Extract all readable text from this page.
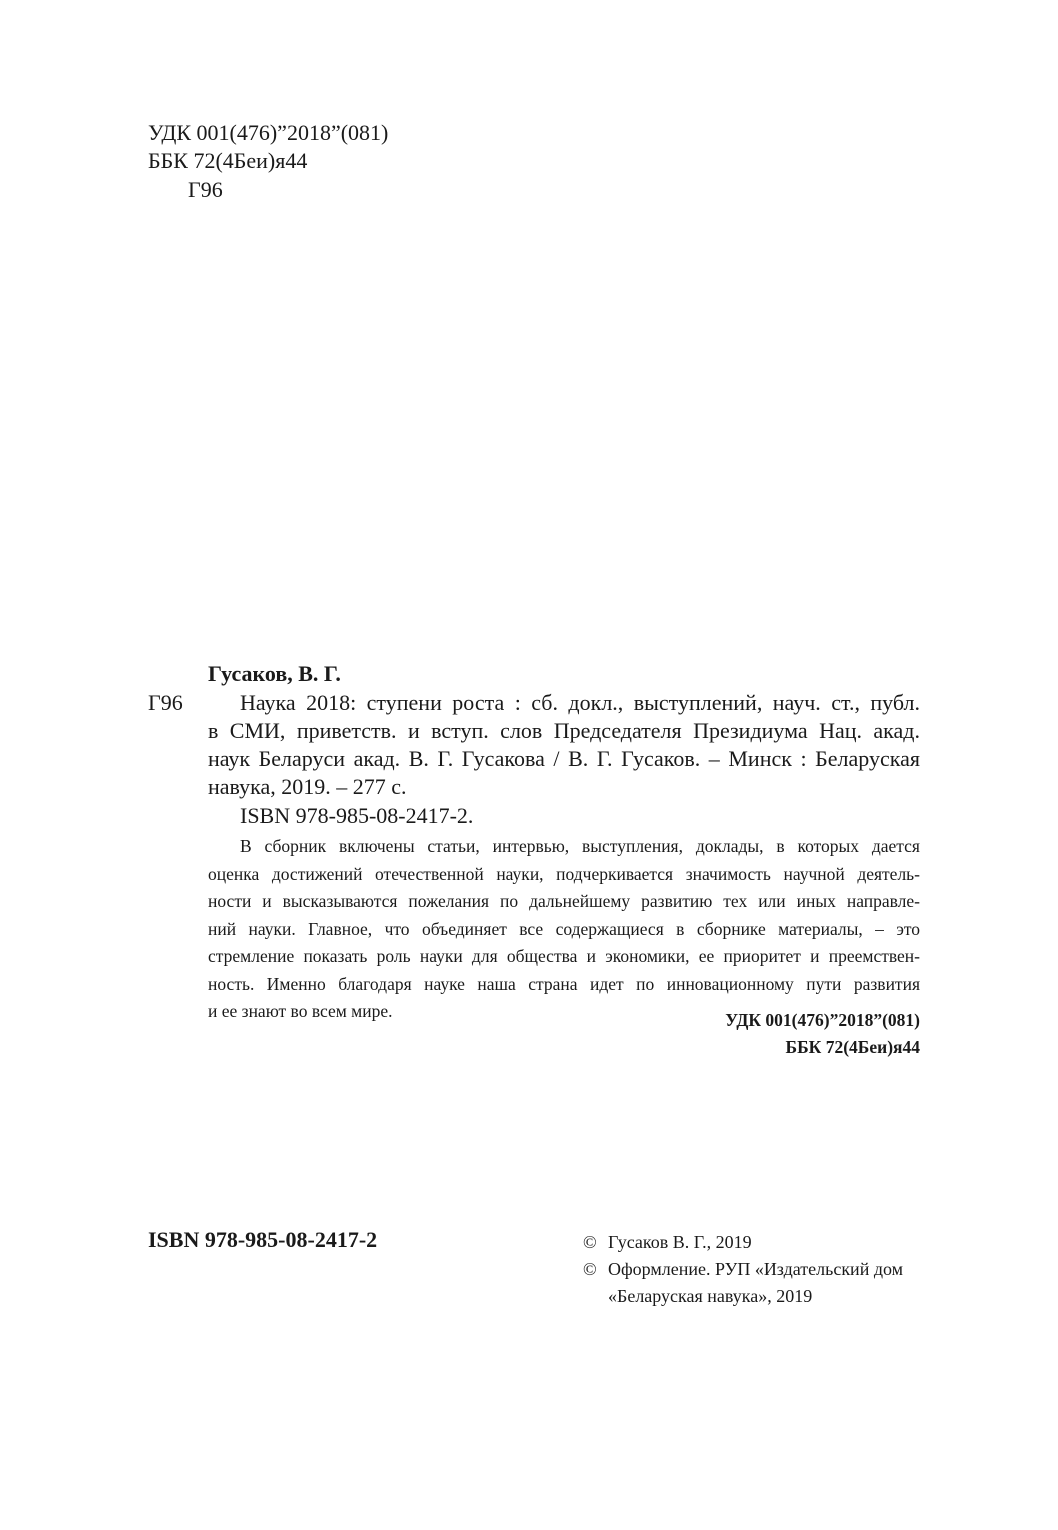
УДК 001(476)”2018”(081)
ББК 72(4Беи)я44
Г96
Гусаков, В. Г.
Г96	Наука 2018: ступени роста : сб. докл., выступлений, науч. ст., публ.
в СМИ, приветств. и вступ. слов Председателя Президиума Нац. акад.
наук Беларуси акад. В. Г. Гусакова / В. Г. Гусаков. – Минск : Беларуская
навука, 2019. – 277 с.
ISBN 978-985-08-2417-2.
В сборник включены статьи, интервью, выступления, доклады, в которых дается
оценка достижений отечественной науки, подчеркивается значимость научной деятель-
ности и высказываются пожелания по дальнейшему развитию тех или иных направле-
ний науки. Главное, что объединяет все содержащиеся в сборнике материалы, – это
стремление показать роль науки для общества и экономики, ее приоритет и преемствен-
ность. Именно благодаря науке наша страна идет по инновационному пути развития
и ее знают во всем мире.	УДК 001(476)”2018”(081)
ББК 72(4Беи)я44
ISBN 978-985-08-2417-2	© Гусаков В. Г., 2019
© Оформление. РУП «Издательский дом
«Беларуская навука», 2019
